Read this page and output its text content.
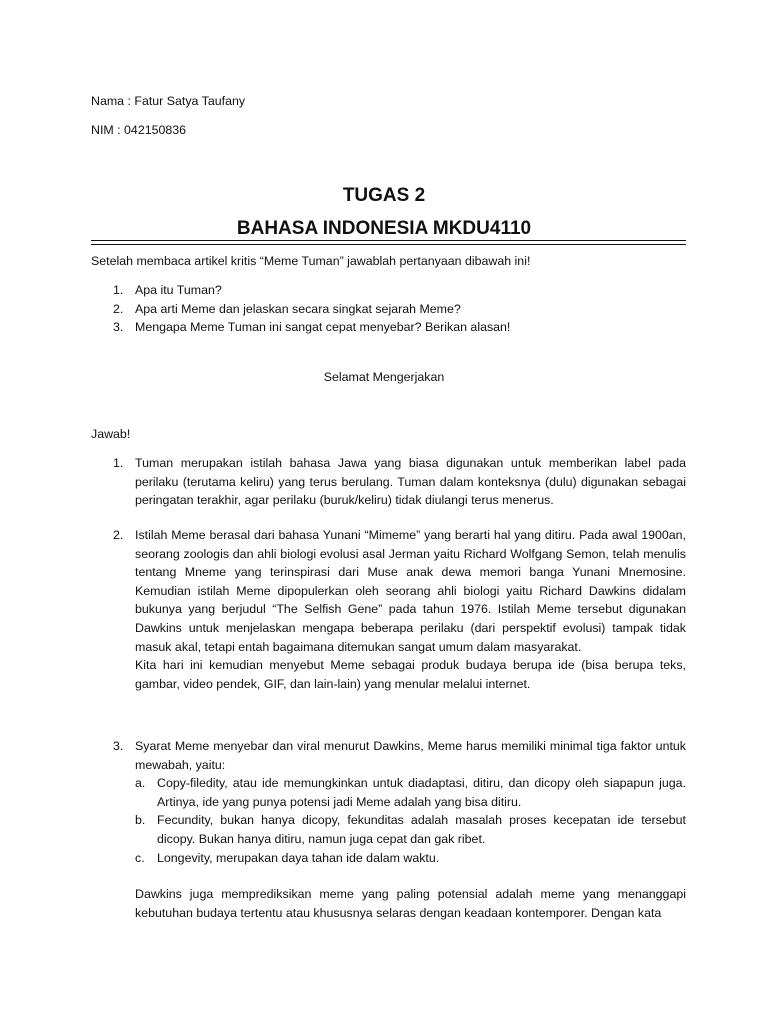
Nama : Fatur Satya Taufany
NIM : 042150836
TUGAS 2
BAHASA INDONESIA MKDU4110
Setelah membaca artikel kritis “Meme Tuman” jawablah pertanyaan dibawah ini!
1. Apa itu Tuman?
2. Apa arti Meme dan jelaskan secara singkat sejarah Meme?
3. Mengapa Meme Tuman ini sangat cepat menyebar? Berikan alasan!
Selamat Mengerjakan
Jawab!
1. Tuman merupakan istilah bahasa Jawa yang biasa digunakan untuk memberikan label pada perilaku (terutama keliru) yang terus berulang. Tuman dalam konteksnya (dulu) digunakan sebagai peringatan terakhir, agar perilaku (buruk/keliru) tidak diulangi terus menerus.
2. Istilah Meme berasal dari bahasa Yunani “Mimeme” yang berarti hal yang ditiru. Pada awal 1900an, seorang zoologis dan ahli biologi evolusi asal Jerman yaitu Richard Wolfgang Semon, telah menulis tentang Mneme yang terinspirasi dari Muse anak dewa memori banga Yunani Mnemosine. Kemudian istilah Meme dipopulerkan oleh seorang ahli biologi yaitu Richard Dawkins didalam bukunya yang berjudul “The Selfish Gene” pada tahun 1976. Istilah Meme tersebut digunakan Dawkins untuk menjelaskan mengapa beberapa perilaku (dari perspektif evolusi) tampak tidak masuk akal, tetapi entah bagaimana ditemukan sangat umum dalam masyarakat.
Kita hari ini kemudian menyebut Meme sebagai produk budaya berupa ide (bisa berupa teks, gambar, video pendek, GIF, dan lain-lain) yang menular melalui internet.
3. Syarat Meme menyebar dan viral menurut Dawkins, Meme harus memiliki minimal tiga faktor untuk mewabah, yaitu:
a. Copy-filedity, atau ide memungkinkan untuk diadaptasi, ditiru, dan dicopy oleh siapapun juga. Artinya, ide yang punya potensi jadi Meme adalah yang bisa ditiru.
b. Fecundity, bukan hanya dicopy, fekunditas adalah masalah proses kecepatan ide tersebut dicopy. Bukan hanya ditiru, namun juga cepat dan gak ribet.
c. Longevity, merupakan daya tahan ide dalam waktu.
Dawkins juga memprediksikan meme yang paling potensial adalah meme yang menanggapi kebutuhan budaya tertentu atau khususnya selaras dengan keadaan kontemporer. Dengan kata
